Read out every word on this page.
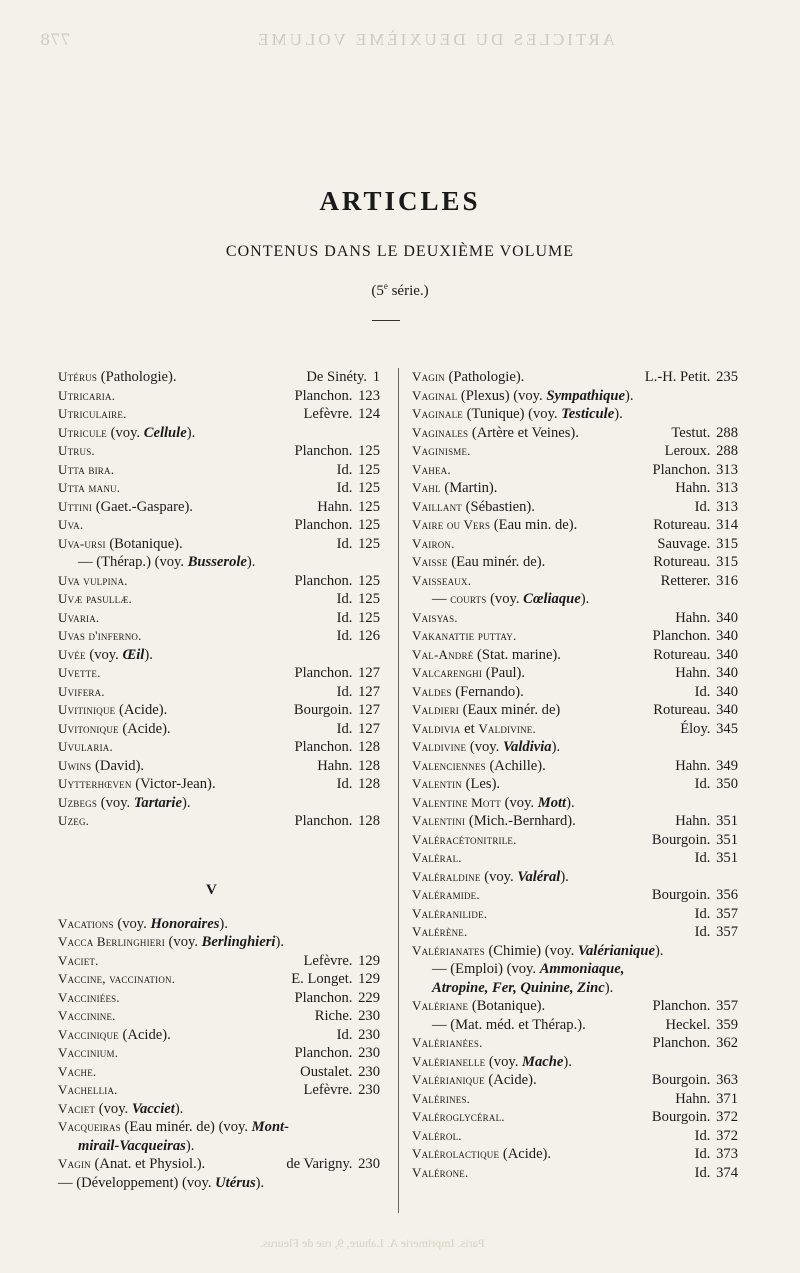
ARTICLES DU DEUXIÈME VOLUME
778
ARTICLES
CONTENUS DANS LE DEUXIÈME VOLUME
(5e série.)
Utérus (Pathologie).	De Sinéty. 1
Utricaria.	Planchon. 123
Utriculaire.	Lefèvre. 124
Utricule (voy. Cellule).
Utrus.	Planchon. 125
Utta bira.	Id. 125
Utta manu.	Id. 125
Uttini (Gaet.-Gaspare).	Hahn. 125
Uva.	Planchon. 125
Uva-ursi (Botanique).	Id. 125
— (Thérap.) (voy. Busserole).
Uva vulpina.	Planchon. 125
Uvæ pasullæ.	Id. 125
Uvaria.	Id. 125
Uvas d'inferno.	Id. 126
Uvée (voy. Œil).
Uvette.	Planchon. 127
Uvifera.	Id. 127
Uvitinique (Acide).	Bourgoin. 127
Uvitonique (Acide).	Id. 127
Uvularia.	Planchon. 128
Uwins (David).	Hahn. 128
Uytterhœven (Victor-Jean).	Id. 128
Uzbegs (voy. Tartarie).
Uzeg.	Planchon. 128
Vacations (voy. Honoraires).
Vacca Berlinghieri (voy. Berlinghieri).
Vaciet.	Lefèvre. 129
Vaccine, vaccination.	E. Longet. 129
Vacciniées.	Planchon. 229
Vaccinine.	Riche. 230
Vaccinique (Acide).	Id. 230
Vaccinium.	Planchon. 230
Vache.	Oustalet. 230
Vachellia.	Lefèvre. 230
Vaciet (voy. Vacciet).
Vacqueiras (Eau minér. de) (voy. Mont-
mirail-Vacqueiras).
Vagin (Anat. et Physiol.).	de Varigny. 230
— (Développement) (voy. Utérus).
V
Vagin (Pathologie).	L.-H. Petit. 235
Vaginal (Plexus) (voy. Sympathique).
Vaginale (Tunique) (voy. Testicule).
Vaginales (Artère et Veines).	Testut. 288
Vaginisme.	Leroux. 288
Vahea.	Planchon. 313
Vahl (Martin).	Hahn. 313
Vaillant (Sébastien).	Id. 313
Vaire ou Vers (Eau min. de).	Rotureau. 314
Vairon.	Sauvage. 315
Vaisse (Eau minér. de).	Rotureau. 315
Vaisseaux.	Retterer. 316
— courts (voy. Cœliaque).
Vaisyas.	Hahn. 340
Vakanattie puttay.	Planchon. 340
Val-André (Stat. marine).	Rotureau. 340
Valcarenghi (Paul).	Hahn. 340
Valdes (Fernando).	Id. 340
Valdieri (Eaux minér. de)	Rotureau. 340
Valdivia et Valdivine.	Éloy. 345
Valdivine (voy. Valdivia).
Valenciennes (Achille).	Hahn. 349
Valentin (Les).	Id. 350
Valentine Mott (voy. Mott).
Valentini (Mich.-Bernhard).	Hahn. 351
Valéracétonitrile.	Bourgoin. 351
Valéral.	Id. 351
Valéraldine (voy. Valéral).
Valéramide.	Bourgoin. 356
Valéranilide.	Id. 357
Valérène.	Id. 357
Valérianates (Chimie) (voy. Valérianique).
— (Emploi) (voy. Ammoniaque,
Atropine, Fer, Quinine, Zinc).
Valériane (Botanique).	Planchon. 357
— (Mat. méd. et Thérap.).	Heckel. 359
Valérianées.	Planchon. 362
Valérianelle (voy. Mache).
Valérianique (Acide).	Bourgoin. 363
Valérines.	Hahn. 371
Valéroglycéral.	Bourgoin. 372
Valérol.	Id. 372
Valérolactique (Acide).	Id. 373
Valérone.	Id. 374
Paris. Imprimerie A. Lahure, 9, rue de Fleurus.
